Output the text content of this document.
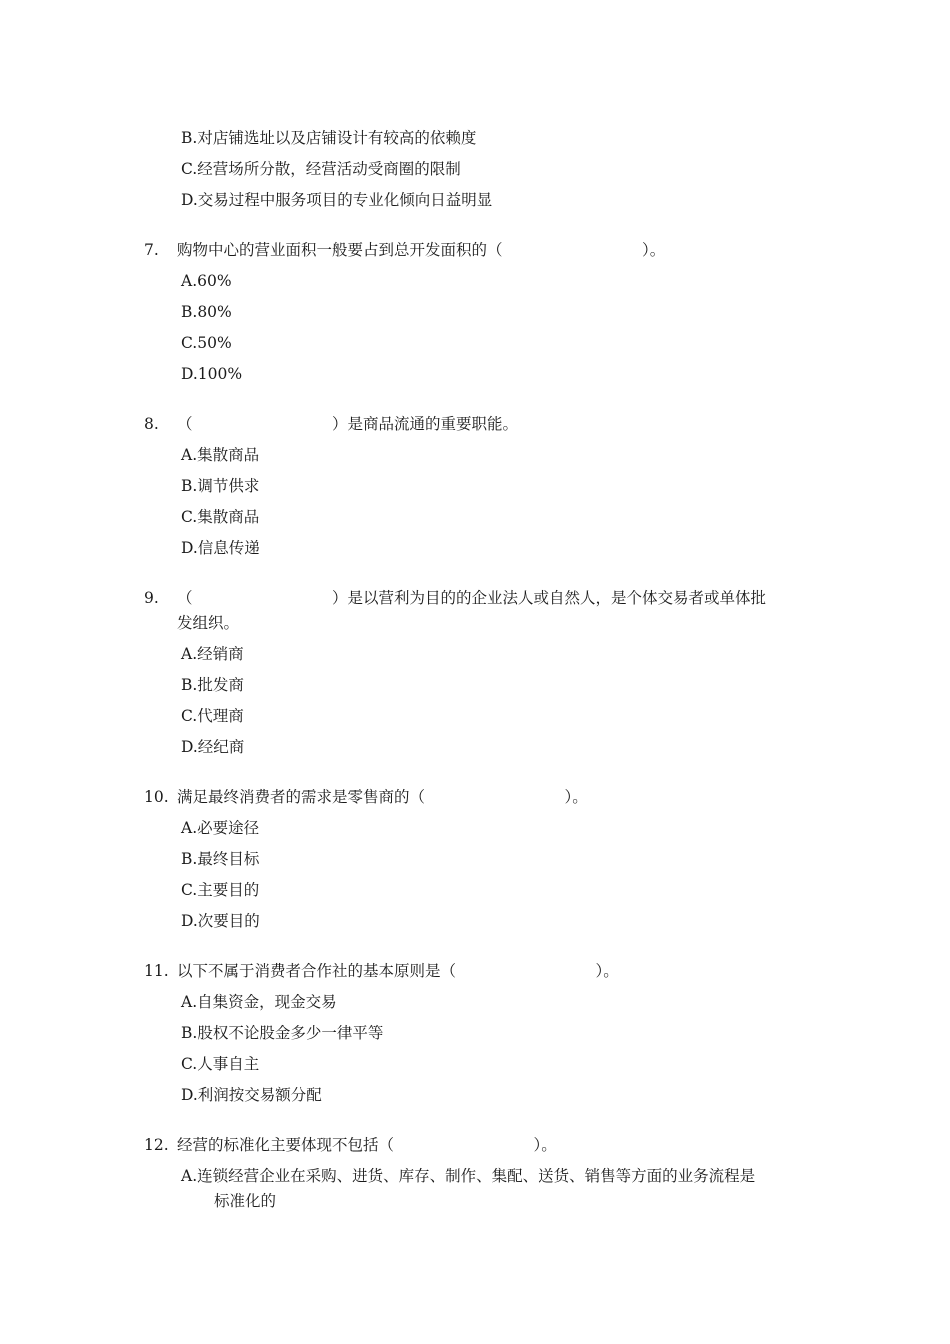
B.对店铺选址以及店铺设计有较高的依赖度
C.经营场所分散，经营活动受商圈的限制
D.交易过程中服务项目的专业化倾向日益明显
7. 购物中心的营业面积一般要占到总开发面积的（　　　　　　　　　）。
A.60%
B.80%
C.50%
D.100%
8. （　　　　　　　　　）是商品流通的重要职能。
A.集散商品
B.调节供求
C.集散商品
D.信息传递
9. （　　　　　　　　　）是以营利为目的的企业法人或自然人，是个体交易者或单体批
发组织。
A.经销商
B.批发商
C.代理商
D.经纪商
10. 满足最终消费者的需求是零售商的（　　　　　　　　　）。
A.必要途径
B.最终目标
C.主要目的
D.次要目的
11. 以下不属于消费者合作社的基本原则是（　　　　　　　　　）。
A.自集资金，现金交易
B.股权不论股金多少一律平等
C.人事自主
D.利润按交易额分配
12. 经营的标准化主要体现不包括（　　　　　　　　　）。
A.连锁经营企业在采购、进货、库存、制作、集配、送货、销售等方面的业务流程是
标准化的
